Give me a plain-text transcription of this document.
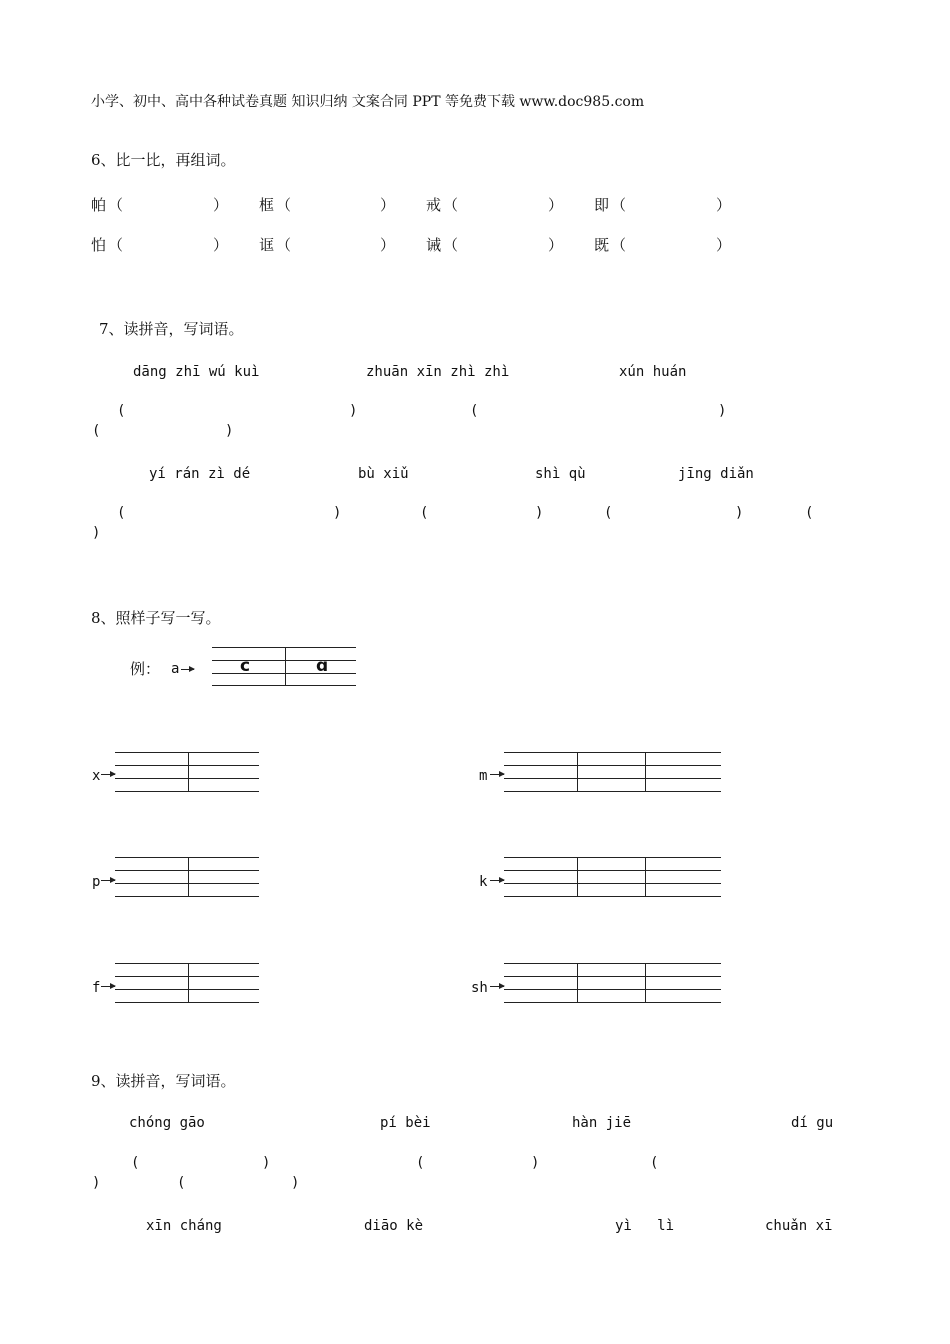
小学、初中、高中各种试卷真题 知识归纳 文案合同 PPT 等免费下载 www.doc985.com
6、比一比，再组词。
帕 （	） 框 （	） 戒 （	） 即 （	）
怕 （	） 诓 （	） 诫 （	） 既 （	）
7、读拼音，写词语。
dāng zhī wú kuì	zhuān xīn zhì zhì	xún huán
(	)	(	)
(	)
yí rán zì dé	bù xiǔ	shì qù	jīng diǎn
(	)	(	)	(	)	(
)
8、照样子写一写。
例： a	c	ɑ
x	m
p	k
f	sh
9、读拼音，写词语。
chóng gāo	pí bèi	hàn jiē	dí gu
(	)	(	)	(
)	(	)
xīn cháng	diāo kè	yì   lì	chuǎn xī
